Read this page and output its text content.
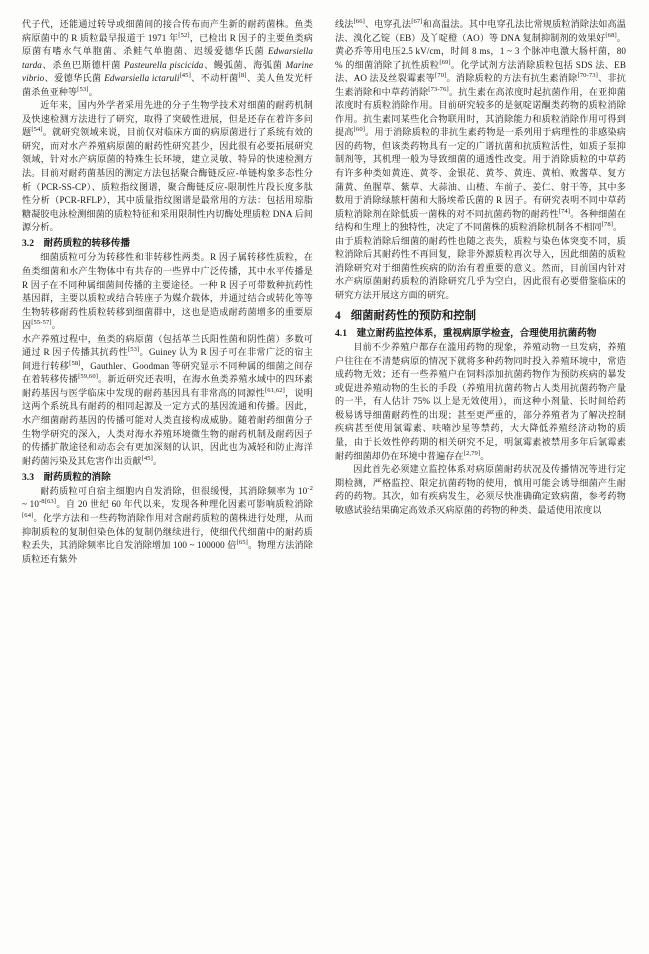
代子代，还能通过转导或细菌间的接合传布而产生新的耐药菌株。鱼类病原菌中的 R 质粒最早报道于 1971 年[52]，已检出 R 因子的主要鱼类病原菌有嗜水气单胞菌、杀鲑气单胞菌、迟缓爱德华氏菌 Edwarsiella tarda、杀鱼巴斯德杆菌 Pasteurella piscicida、鳗弧菌、海弧菌 Marine vibrio、爱德华氏菌 Edwarsiella ictaruli[45]、不动杆菌[8]、美人鱼发光杆菌杀鱼亚种等[53]。

近年来，国内外学者采用先进的分子生物学技术对细菌的耐药机制及快速检测方法进行了研究，取得了突破性进展，但是还存在着许多问题[54]。就研究领域来说，目前仅对临床方面的病原菌进行了系统有效的研究，而对水产养殖病原菌的耐药性研究甚少，因此很有必要拓展研究领域，针对水产病原菌的特殊生长环境，建立灵敏、特异的快速检测方法。目前对耐药菌基因的测定方法包括聚合酶链反应-单链构象多态性分析（PCR-SS-CP）、质粒指纹图谱，聚合酶链反应-限制性片段长度多肽性分析（PCR-RFLP），其中质量指纹图谱是最常用的方法：包括用琼脂糖凝胶电泳检测细菌的质粒特征和采用限制性内切酶处理质粒 DNA 后间源分析。

3.2　耐药质粒的转移传播

细菌质粒可分为转移性和非转移性两类。R 因子属转移性质粒，在鱼类细菌和水产生物体中有共存的一些界中广泛传播，其中水平传播是 R 因子在不同种属细菌间传播的主要途径。一种 R 因子可带数种抗药性基因群，主要以质粒或结合转座子为媒介载体，并通过结合或转化等等生物转移耐药性质粒转移到细菌群中，这也是造成耐药菌增多的重要原因[55-57]。

水产养殖过程中，鱼类的病原菌（包括革兰氏阳性菌和阴性菌）多数可通过 R 因子传播其抗药性[53]。Guiney 认为 R 因子可在非常广泛的宿主间进行转移[58]，Gauthler、Goodman 等研究显示不同种属的细菌之间存在着转移传播[59,60]。新近研究还表明，在海水鱼类养殖水域中的四环素耐药基因与医学临床中发现的耐药基因具有非常高的同源性[61,62]，说明这两个系统具有耐药的相同起源及一定方式的基因流通和传播。因此，水产细菌耐药基因的传播可能对人类直接构成威胁。随着耐药细菌分子生物学研究的深入，人类对海水养殖环境微生物的耐药机制及耐药因子的传播扩散途径和动态会有更加深刻的认识，因此也为减轻和防止海洋耐药菌污染及其危害作出贡献[45]。

3.3　耐药质粒的消除

耐药质粒可自宿主细胞内自发消除，但很缓慢，其消除频率为 $10^{-2}$ ~ $10^{-8[63]}$。自 20 世纪 60 年代以来，发现各种理化因素可影响质粒消除[64]。化学方法和一些药物消除作用对含耐药质粒的菌株进行处理，从而抑制质粒的复制但染色体的复制仍继续进行，使细代代细菌中的耐药质粒丢失，其消除频率比自发消除增加 100 ~ 100000 倍[65]。物理方法消除质粒还有紫外

线法[66]、电穿孔法[67]和高温法。其中电穿孔法比常规质粒消除法如高温法、溴化乙锭（EB）及丫啶橙（AO）等 DNA 复制抑制剂的效果好[68]。黄必乔等用电压2.5 kV/cm，时间 8 ms，1 ~ 3 个脉冲电激大肠杆菌，80 % 的细菌消除了抗性质粒[69]。化学试剂方法消除质粒包括 SDS 法、EB 法、AO 法及丝裂霉素等[70]。消除质粒的方法有抗生素消除[70-73]、非抗生素消除和中草药消除[73-76]。抗生素在高浓度时起抗菌作用，在亚抑菌浓度时有质粒消除作用。目前研究较多的是氨啶诺酮类药物的质粒消除作用。抗生素同某些化合物联用时，其消除能力和质粒消除作用可得到提高[60]。用于消除质粒的非抗生素药物是一系列用于病理性的非感染病因的药物，但该类药物具有一定的广谱抗菌和抗质粒活性，如质子泵抑制剂等，其机理一般为导致细菌的通透性改变。用于消除质粒的中草药有许多种类如黄连、黄苓、金银花、黄芩、黄连、黄柏、败酱草、复方蒲黄、鱼腥草、紫草、大蒜油、山楂、车前子、姜仁、射干等，其中多数用于消除绿脓杆菌和大肠埃希氏菌的 R 因子。有研究表明不同中草药质粒消除剂在除低质一菌株的对不同抗菌药物的耐药性[74]。各种细菌在结构和生理上的独特性，决定了不同菌株的质粒消除机制各不相同[78]。

由于质粒消除后细菌的耐药性也随之丧失，质粒与染色体突变不同，质粒消除后其耐药性不再回复，除非外源质粒再次导入，因此细菌的质粒消除研究对于细菌性疾病的防治有着重要的意义。然而，目前国内针对水产病原菌耐药质粒的消除研究几乎为空白，因此很有必要借鉴临床的研究方法开展这方面的研究。

4 细菌耐药性的预防和控制
4.1　建立耐药监控体系，重视病原学检查，合理使用抗菌药物

目前不少养殖户都存在滥用药物的现象，养殖动物一旦发病，养殖户往往在不清楚病原的情况下就将多种药物同时投入养殖环境中，常造成药物无效；还有一些养殖户在饲料添加抗菌药物作为预防疾病的暴发或促进养殖动物的生长的手段（养殖用抗菌药物占人类用抗菌药物产量的一半，有人估计 75% 以上是无效使用），而这种小剂量、长时间给药极易诱导细菌耐药性的出现；甚至更严重的，部分养殖者为了解决控制疾病甚至使用氯霉素、呋喃沙星等禁药，大大降低养殖经济动物的质量，由于长效性停药期的相关研究不足，明氯霉素被禁用多年后氯霉素耐药细菌却仍在环境中普遍存在[2,79]。

因此首先必须建立监控体系对病原菌耐药状况及传播情况等进行定期检测，严格监控、限定抗菌药物的使用，慎用可能会诱导细菌产生耐药的药物。其次，如有疾病发生，必须尽快准确确定致病菌，参考药物敏感试验结果确定高效杀灭病原菌的药物的种类、最适使用浓度以
